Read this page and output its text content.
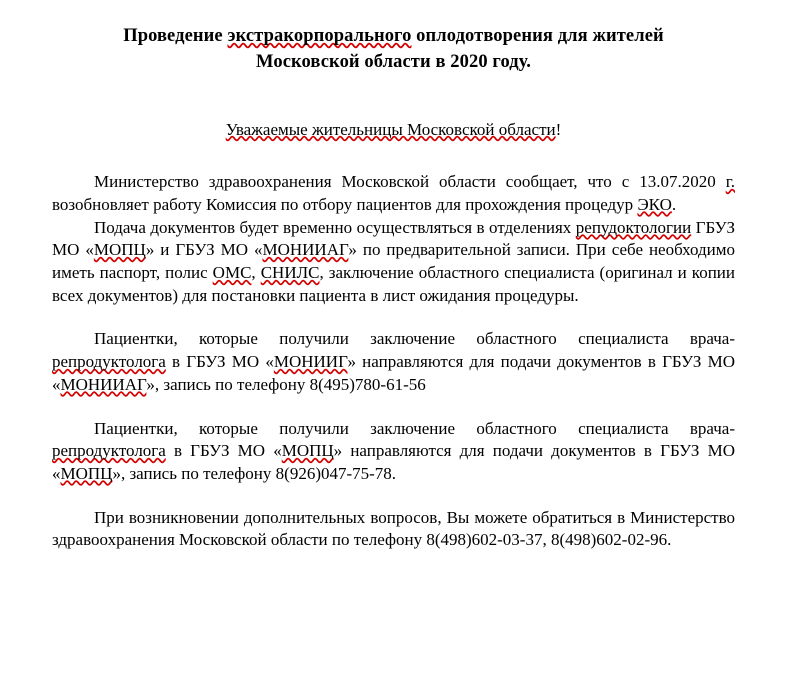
Проведение экстракорпорального оплодотворения для жителей
Московской области в 2020 году.
Уважаемые жительницы Московской области!

Министерство здравоохранения Московской области сообщает, что с 13.07.2020 г. возобновляет работу Комиссия по отбору пациентов для прохождения процедур ЭКО.

Подача документов будет временно осуществляться в отделениях репудоктологии ГБУЗ МО «МОПЦ» и ГБУЗ МО «МОНИИАГ» по предварительной записи. При себе необходимо иметь паспорт, полис ОМС, СНИЛС, заключение областного специалиста (оригинал и копии всех документов) для постановки пациента в лист ожидания процедуры.

Пациентки, которые получили заключение областного специалиста врача-репродуктолога в ГБУЗ МО «МОНИИГ» направляются для подачи документов в ГБУЗ МО «МОНИИАГ», запись по телефону 8(495)780-61-56

Пациентки, которые получили заключение областного специалиста врача-репродуктолога в ГБУЗ МО «МОПЦ» направляются для подачи документов в ГБУЗ МО «МОПЦ», запись по телефону 8(926)047-75-78.

При возникновении дополнительных вопросов, Вы можете обратиться в Министерство здравоохранения Московской области по телефону 8(498)602-03-37, 8(498)602-02-96.
